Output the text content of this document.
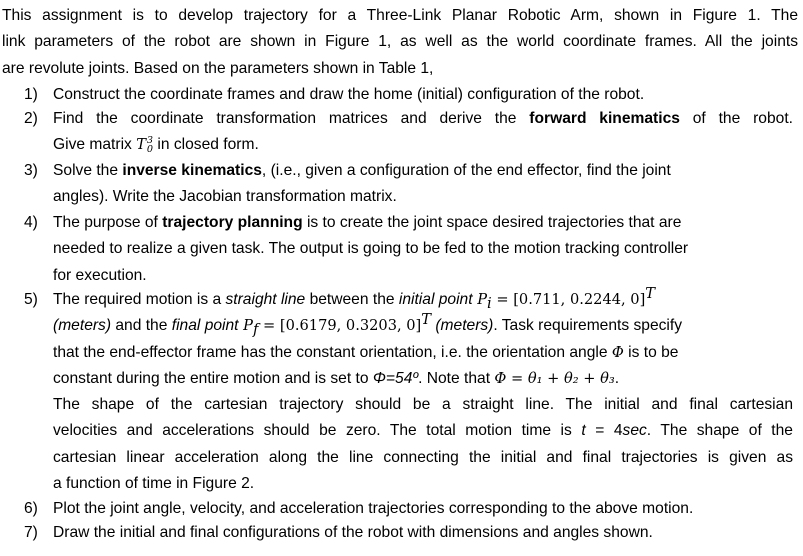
This assignment is to develop trajectory for a Three-Link Planar Robotic Arm, shown in Figure 1. The
link parameters of the robot are shown in Figure 1, as well as the world coordinate frames. All the joints
are revolute joints. Based on the parameters shown in Table 1,

1) Construct the coordinate frames and draw the home (initial) configuration of the robot.
2) Find the coordinate transformation matrices and derive the forward kinematics of the robot.
Give matrix T 3
0 in closed form.
3) Solve the inverse kinematics, (i.e., given a configuration of the end effector, find the joint
angles). Write the Jacobian transformation matrix.
4) The purpose of trajectory planning is to create the joint space desired trajectories that are
needed to realize a given task. The output is going to be fed to the motion tracking controller
for execution.
5) The required motion is a straight line between the initial point $P_i = [0.711$, 0.2244, 0]$^T$
(meters) and the final point $P_f = [0.6179$, 0.3203, 0]$^T$ (meters). Task requirements specify
that the end-effector frame has the constant orientation, i.e. the orientation angle Φ is to be
constant during the entire motion and is set to Φ=54º. Note that Φ = θ₁ + θ₂ + θ₃.
The shape of the cartesian trajectory should be a straight line. The initial and final cartesian
velocities and accelerations should be zero. The total motion time is t = 4sec. The shape of the
cartesian linear acceleration along the line connecting the initial and final trajectories is given as
a function of time in Figure 2.
6) Plot the joint angle, velocity, and acceleration trajectories corresponding to the above motion.
7) Draw the initial and final configurations of the robot with dimensions and angles shown.
